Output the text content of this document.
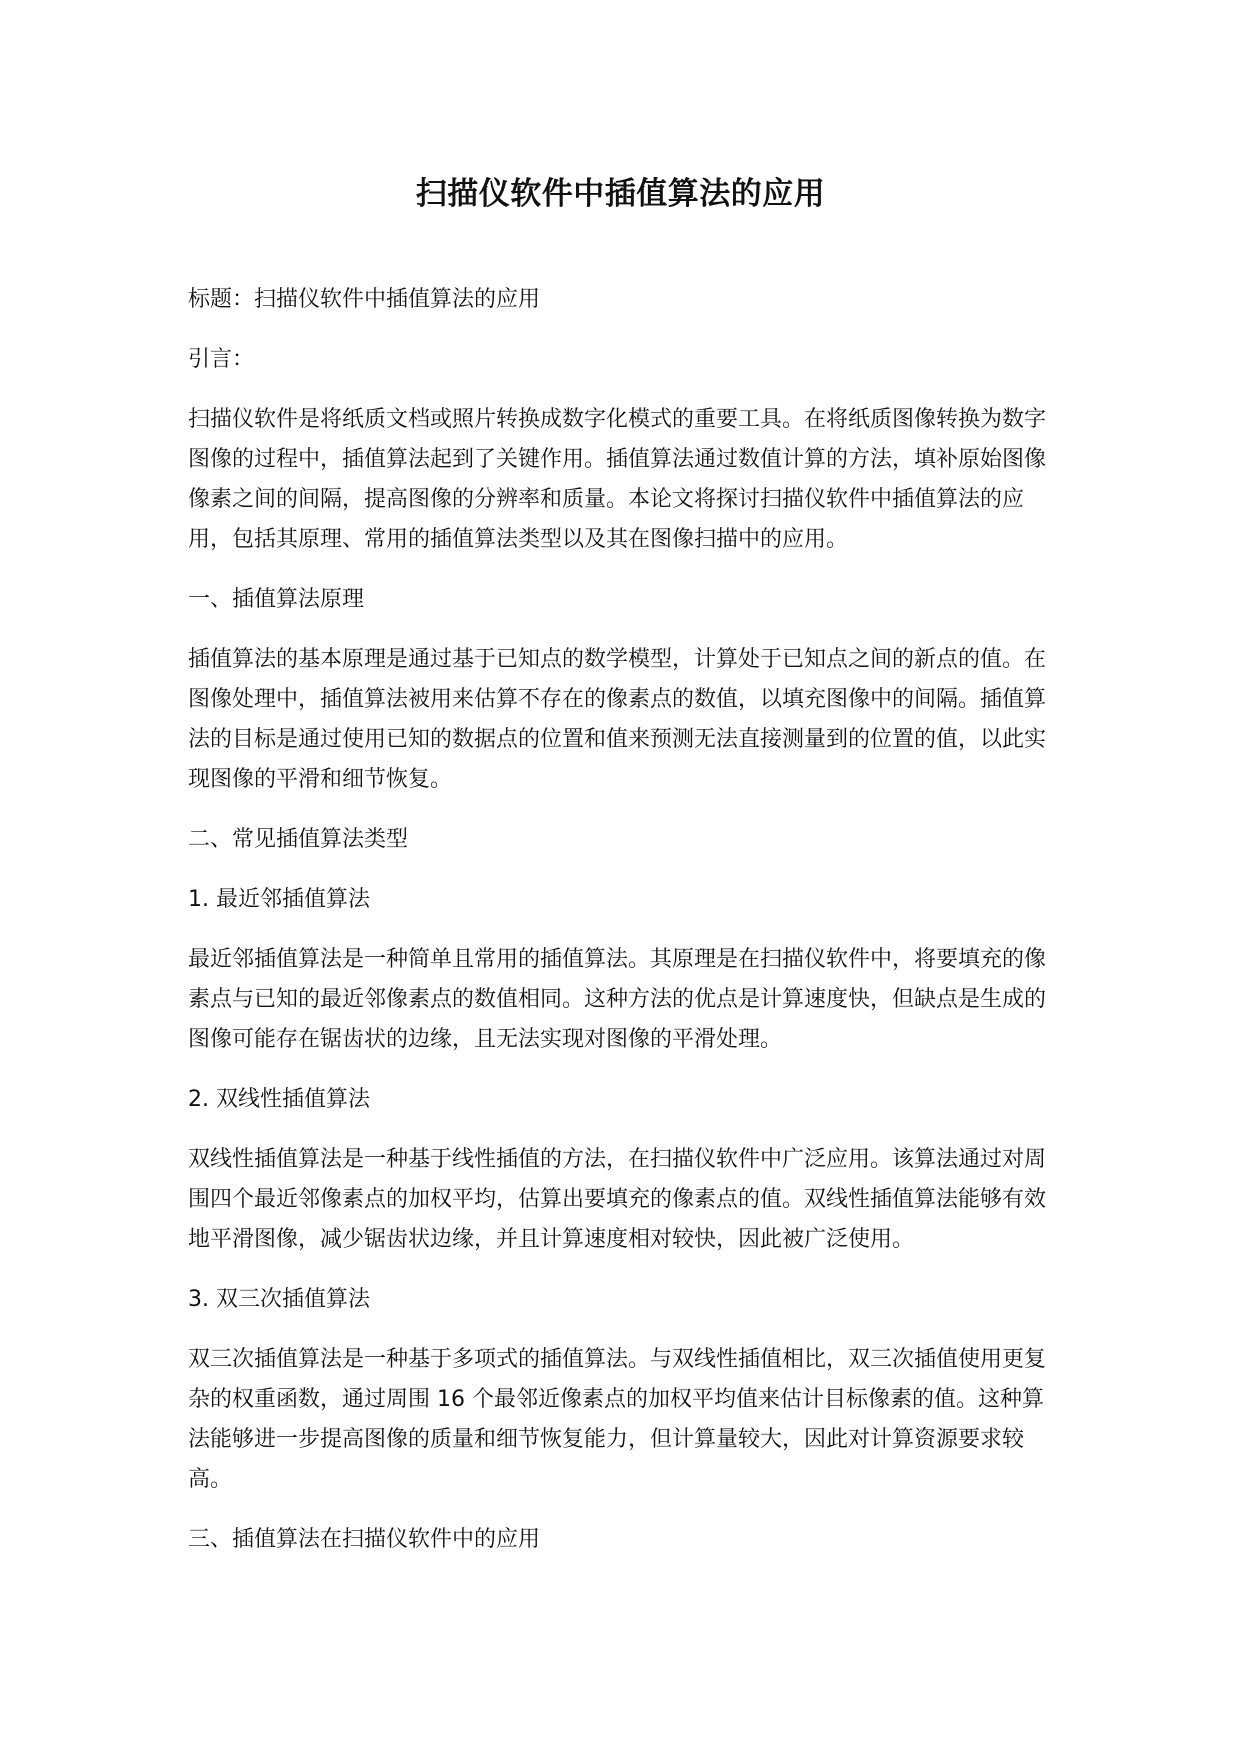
扫描仪软件中插值算法的应用

标题：扫描仪软件中插值算法的应用

引言：

扫描仪软件是将纸质文档或照片转换成数字化模式的重要工具。在将纸质图像转换为数字图像的过程中，插值算法起到了关键作用。插值算法通过数值计算的方法，填补原始图像像素之间的间隔，提高图像的分辨率和质量。本论文将探讨扫描仪软件中插值算法的应用，包括其原理、常用的插值算法类型以及其在图像扫描中的应用。

一、插值算法原理

插值算法的基本原理是通过基于已知点的数学模型，计算处于已知点之间的新点的值。在图像处理中，插值算法被用来估算不存在的像素点的数值，以填充图像中的间隔。插值算法的目标是通过使用已知的数据点的位置和值来预测无法直接测量到的位置的值，以此实现图像的平滑和细节恢复。

二、常见插值算法类型

1. 最近邻插值算法

最近邻插值算法是一种简单且常用的插值算法。其原理是在扫描仪软件中，将要填充的像素点与已知的最近邻像素点的数值相同。这种方法的优点是计算速度快，但缺点是生成的图像可能存在锯齿状的边缘，且无法实现对图像的平滑处理。

2. 双线性插值算法

双线性插值算法是一种基于线性插值的方法，在扫描仪软件中广泛应用。该算法通过对周围四个最近邻像素点的加权平均，估算出要填充的像素点的值。双线性插值算法能够有效地平滑图像，减少锯齿状边缘，并且计算速度相对较快，因此被广泛使用。

3. 双三次插值算法

双三次插值算法是一种基于多项式的插值算法。与双线性插值相比，双三次插值使用更复杂的权重函数，通过周围 16 个最邻近像素点的加权平均值来估计目标像素的值。这种算法能够进一步提高图像的质量和细节恢复能力，但计算量较大，因此对计算资源要求较高。

三、插值算法在扫描仪软件中的应用
